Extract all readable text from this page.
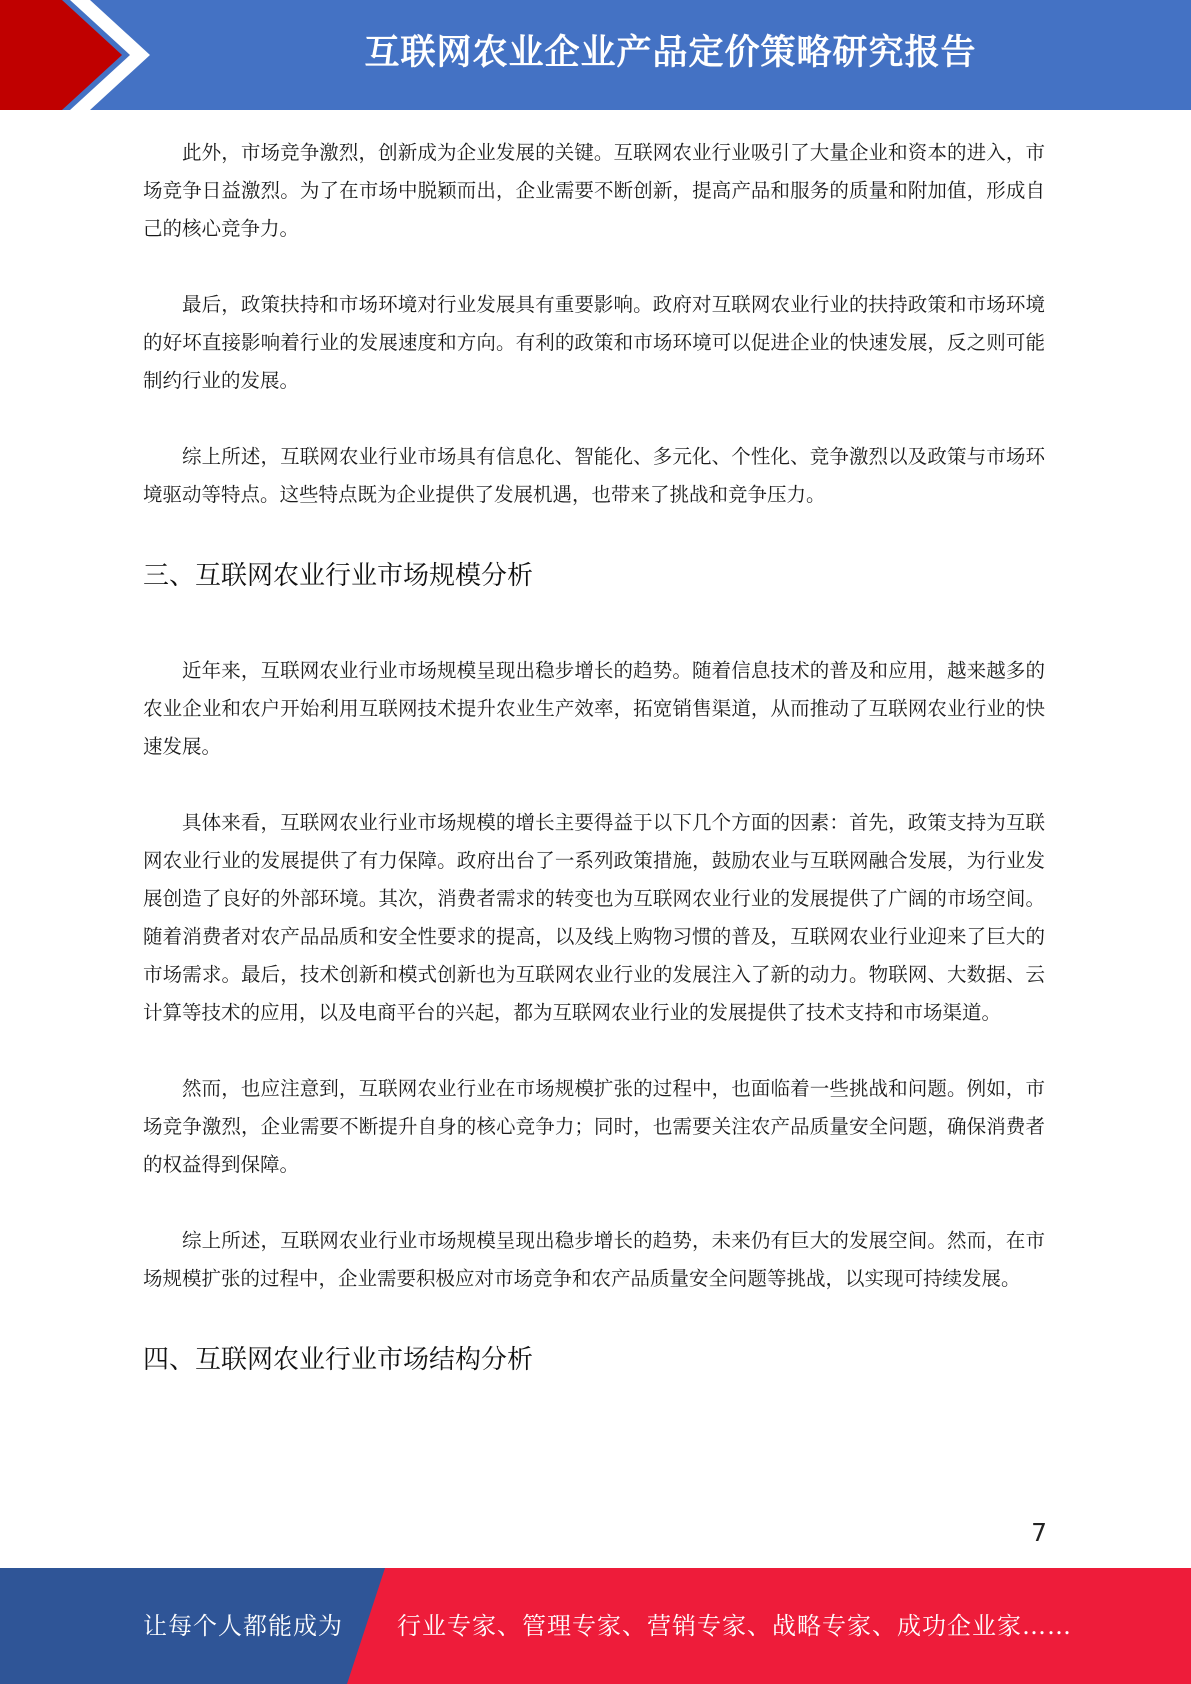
互联网农业企业产品定价策略研究报告

此外，市场竞争激烈，创新成为企业发展的关键。互联网农业行业吸引了大量企业和资本的进入，市场竞争日益激烈。为了在市场中脱颖而出，企业需要不断创新，提高产品和服务的质量和附加值，形成自己的核心竞争力。

最后，政策扶持和市场环境对行业发展具有重要影响。政府对互联网农业行业的扶持政策和市场环境的好坏直接影响着行业的发展速度和方向。有利的政策和市场环境可以促进企业的快速发展，反之则可能制约行业的发展。

综上所述，互联网农业行业市场具有信息化、智能化、多元化、个性化、竞争激烈以及政策与市场环境驱动等特点。这些特点既为企业提供了发展机遇，也带来了挑战和竞争压力。

三、互联网农业行业市场规模分析

近年来，互联网农业行业市场规模呈现出稳步增长的趋势。随着信息技术的普及和应用，越来越多的农业企业和农户开始利用互联网技术提升农业生产效率，拓宽销售渠道，从而推动了互联网农业行业的快速发展。

具体来看，互联网农业行业市场规模的增长主要得益于以下几个方面的因素：首先，政策支持为互联网农业行业的发展提供了有力保障。政府出台了一系列政策措施，鼓励农业与互联网融合发展，为行业发展创造了良好的外部环境。其次，消费者需求的转变也为互联网农业行业的发展提供了广阔的市场空间。随着消费者对农产品品质和安全性要求的提高，以及线上购物习惯的普及，互联网农业行业迎来了巨大的市场需求。最后，技术创新和模式创新也为互联网农业行业的发展注入了新的动力。物联网、大数据、云计算等技术的应用，以及电商平台的兴起，都为互联网农业行业的发展提供了技术支持和市场渠道。

然而，也应注意到，互联网农业行业在市场规模扩张的过程中，也面临着一些挑战和问题。例如，市场竞争激烈，企业需要不断提升自身的核心竞争力；同时，也需要关注农产品质量安全问题，确保消费者的权益得到保障。

综上所述，互联网农业行业市场规模呈现出稳步增长的趋势，未来仍有巨大的发展空间。然而，在市场规模扩张的过程中，企业需要积极应对市场竞争和农产品质量安全问题等挑战，以实现可持续发展。

四、互联网农业行业市场结构分析
7
让每个人都能成为 行业专家、管理专家、营销专家、战略专家、成功企业家……
